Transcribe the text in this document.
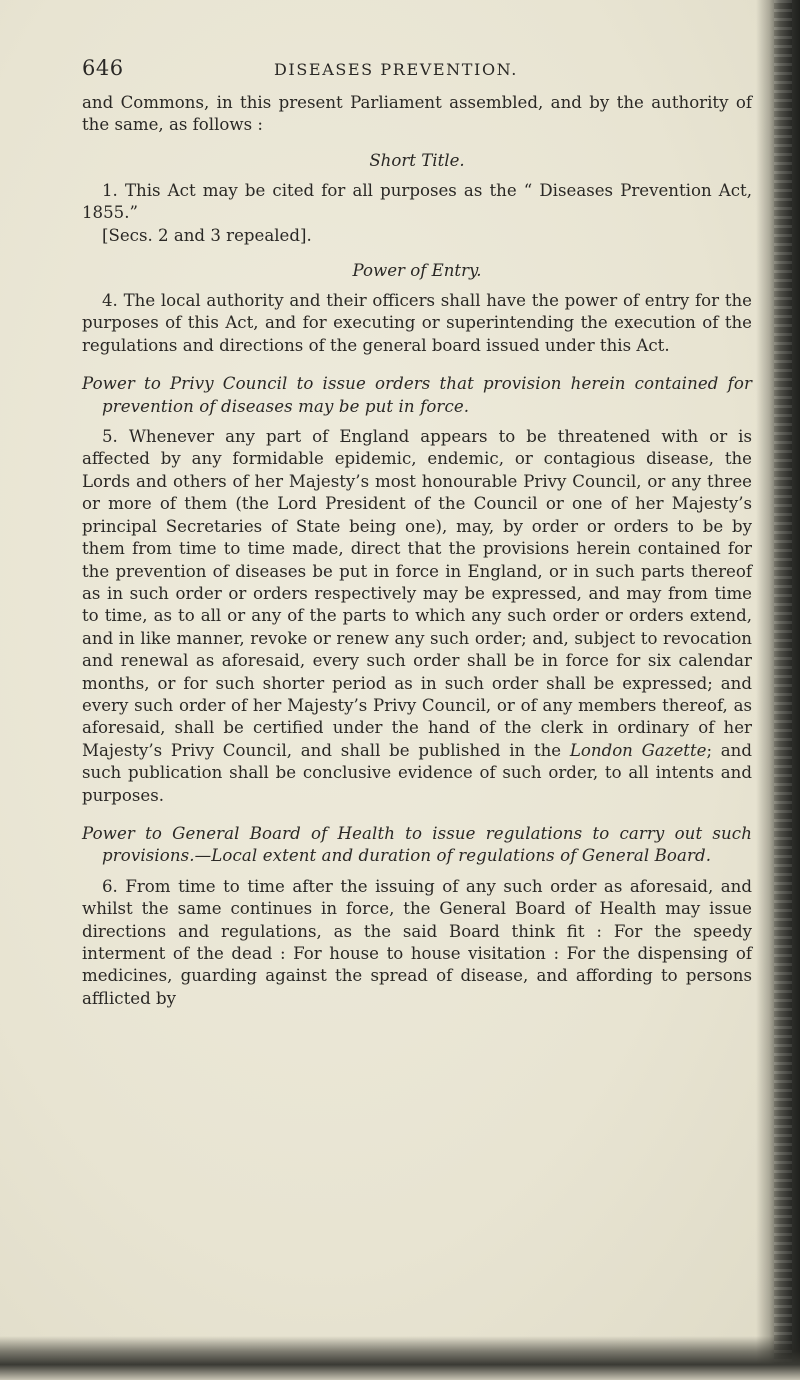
646	DISEASES PREVENTION.

and Commons, in this present Parliament assembled, and by the authority of the same, as follows :

Short Title.

1. This Act may be cited for all purposes as the “ Diseases Prevention Act, 1855.”

[Secs. 2 and 3 repealed].

Power of Entry.

4. The local authority and their officers shall have the power of entry for the purposes of this Act, and for executing or superintending the execution of the regulations and directions of the general board issued under this Act.

Power to Privy Council to issue orders that provision herein contained for prevention of diseases may be put in force.

5. Whenever any part of England appears to be threatened with or is affected by any formidable epidemic, endemic, or contagious disease, the Lords and others of her Majesty’s most honourable Privy Council, or any three or more of them (the Lord President of the Council or one of her Majesty’s principal Secretaries of State being one), may, by order or orders to be by them from time to time made, direct that the provisions herein contained for the prevention of diseases be put in force in England, or in such parts thereof as in such order or orders respectively may be expressed, and may from time to time, as to all or any of the parts to which any such order or orders extend, and in like manner, revoke or renew any such order; and, subject to revocation and renewal as aforesaid, every such order shall be in force for six calendar months, or for such shorter period as in such order shall be expressed; and every such order of her Majesty’s Privy Council, or of any members thereof, as aforesaid, shall be certified under the hand of the clerk in ordinary of her Majesty’s Privy Council, and shall be published in the London Gazette; and such publication shall be conclusive evidence of such order, to all intents and purposes.

Power to General Board of Health to issue regulations to carry out such provisions.—Local extent and duration of regulations of General Board.

6. From time to time after the issuing of any such order as aforesaid, and whilst the same continues in force, the General Board of Health may issue directions and regulations, as the said Board think fit : For the speedy interment of the dead : For house to house visitation : For the dispensing of medicines, guarding against the spread of disease, and affording to persons afflicted by
